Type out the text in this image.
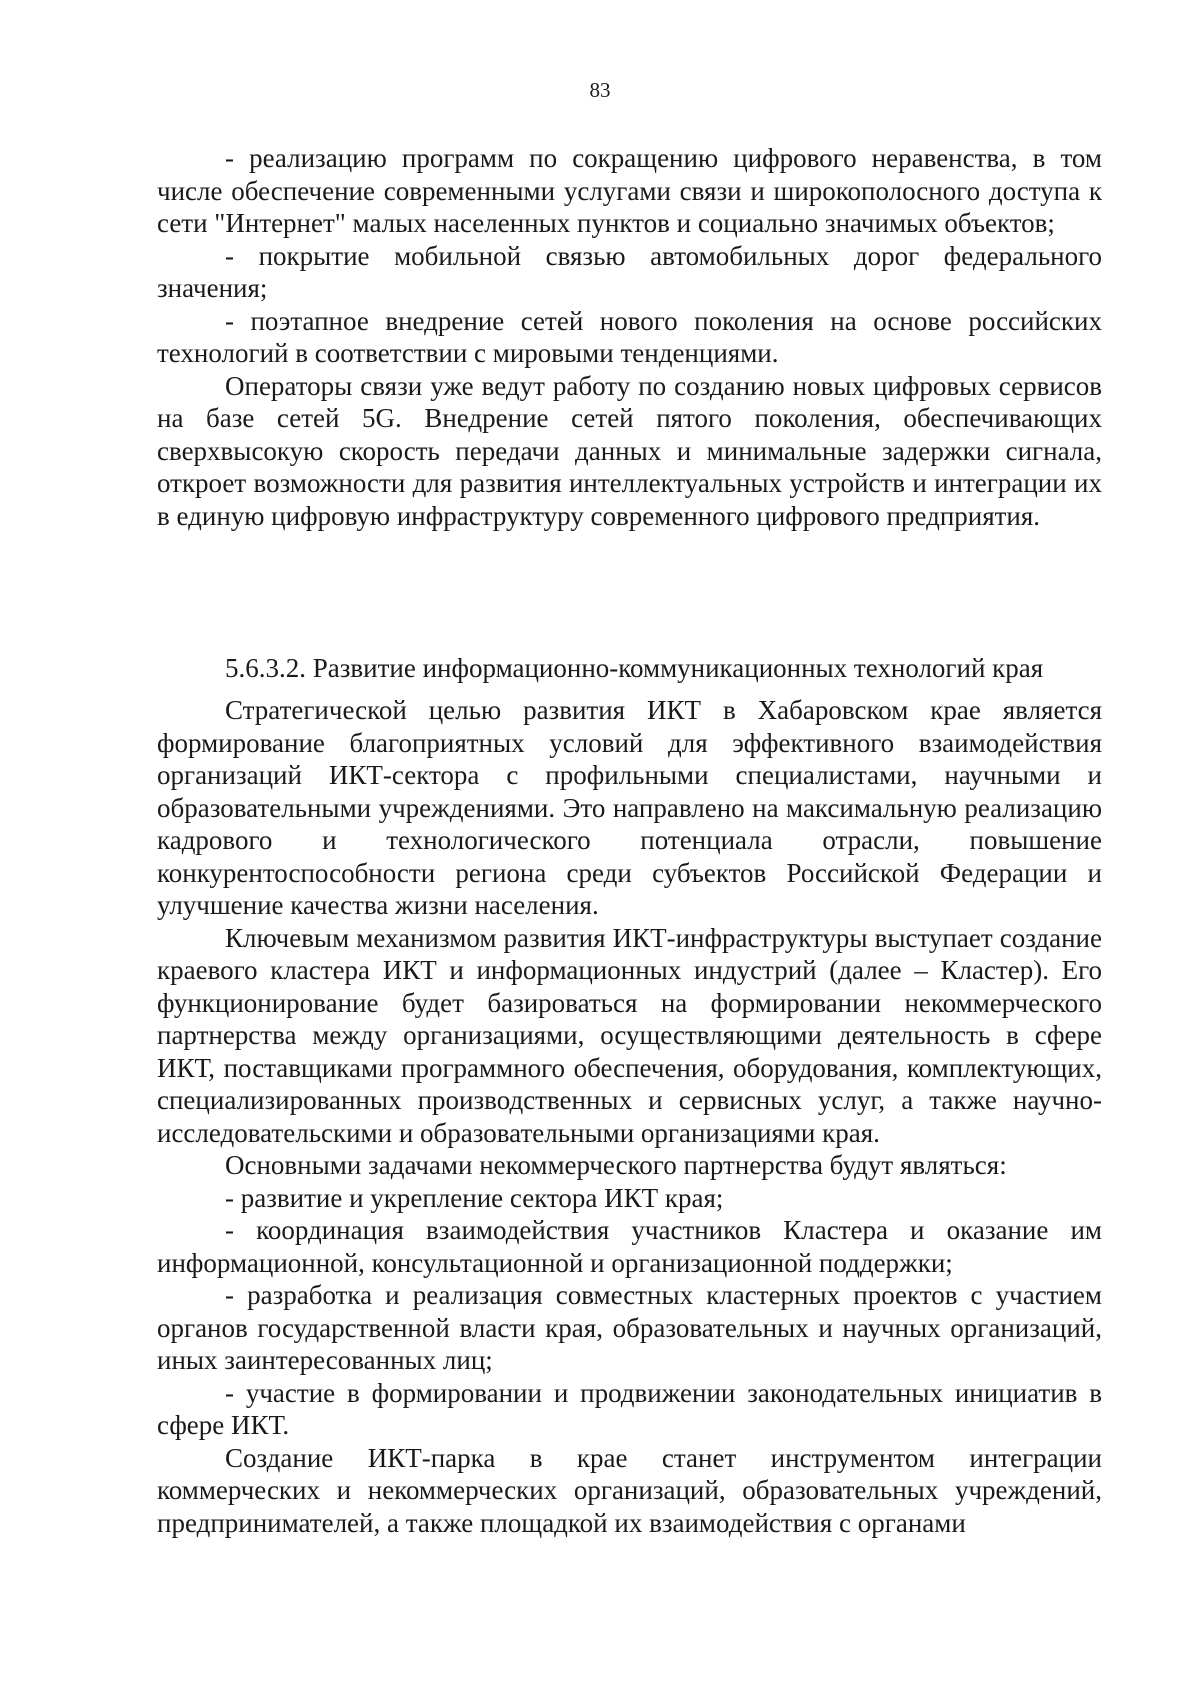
83

- реализацию программ по сокращению цифрового неравенства, в том числе обеспечение современными услугами связи и широкополосного доступа к сети "Интернет" малых населенных пунктов и социально значимых объектов;

- покрытие мобильной связью автомобильных дорог федерального значения;

- поэтапное внедрение сетей нового поколения на основе российских технологий в соответствии с мировыми тенденциями.

Операторы связи уже ведут работу по созданию новых цифровых сервисов на базе сетей 5G. Внедрение сетей пятого поколения, обеспечивающих сверхвысокую скорость передачи данных и минимальные задержки сигнала, откроет возможности для развития интеллектуальных устройств и интеграции их в единую цифровую инфраструктуру современного цифрового предприятия.

5.6.3.2. Развитие информационно-коммуникационных технологий края

Стратегической целью развития ИКТ в Хабаровском крае является формирование благоприятных условий для эффективного взаимодействия организаций ИКТ-сектора с профильными специалистами, научными и образовательными учреждениями. Это направлено на максимальную реализацию кадрового и технологического потенциала отрасли, повышение конкурентоспособности региона среди субъектов Российской Федерации и улучшение качества жизни населения.

Ключевым механизмом развития ИКТ-инфраструктуры выступает создание краевого кластера ИКТ и информационных индустрий (далее – Кластер). Его функционирование будет базироваться на формировании некоммерческого партнерства между организациями, осуществляющими деятельность в сфере ИКТ, поставщиками программного обеспечения, оборудования, комплектующих, специализированных производственных и сервисных услуг, а также научно-исследовательскими и образовательными организациями края.

Основными задачами некоммерческого партнерства будут являться:

- развитие и укрепление сектора ИКТ края;

- координация взаимодействия участников Кластера и оказание им информационной, консультационной и организационной поддержки;

- разработка и реализация совместных кластерных проектов с участием органов государственной власти края, образовательных и научных организаций, иных заинтересованных лиц;

- участие в формировании и продвижении законодательных инициатив в сфере ИКТ.

Создание ИКТ-парка в крае станет инструментом интеграции коммерческих и некоммерческих организаций, образовательных учреждений, предпринимателей, а также площадкой их взаимодействия с органами
